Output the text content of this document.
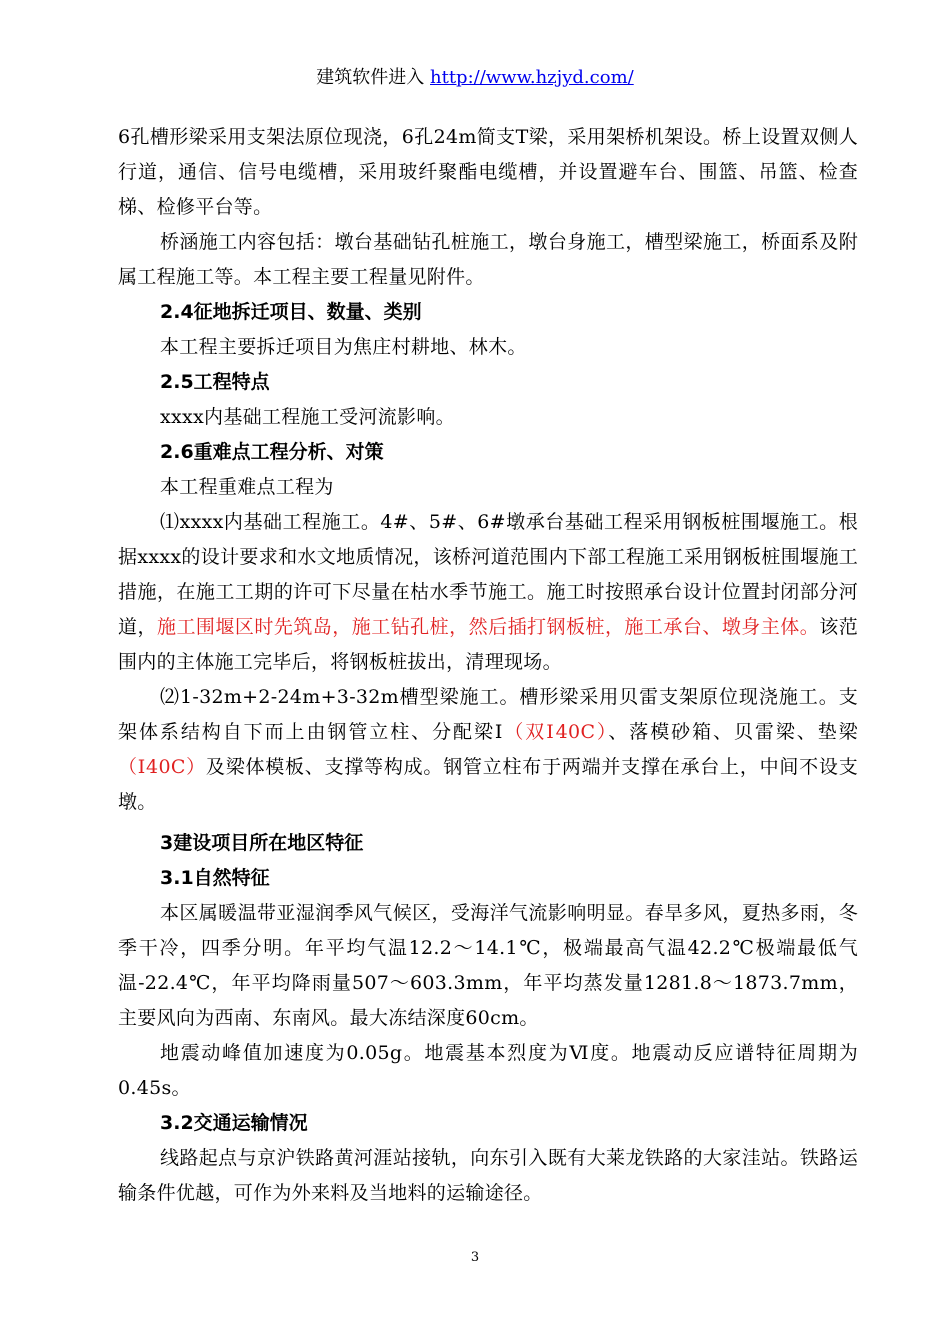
建筑软件进入 http://www.hzjyd.com/

6孔槽形梁采用支架法原位现浇，6孔24m简支T梁，采用架桥机架设。桥上设置双侧人行道，通信、信号电缆槽，采用玻纤聚酯电缆槽，并设置避车台、围篮、吊篮、检查梯、检修平台等。

桥涵施工内容包括：墩台基础钻孔桩施工，墩台身施工，槽型梁施工，桥面系及附属工程施工等。本工程主要工程量见附件。

2.4征地拆迁项目、数量、类别

本工程主要拆迁项目为焦庄村耕地、林木。

2.5工程特点

xxxx内基础工程施工受河流影响。

2.6重难点工程分析、对策

本工程重难点工程为

⑴xxxx内基础工程施工。4#、5#、6#墩承台基础工程采用钢板桩围堰施工。根据xxxx的设计要求和水文地质情况，该桥河道范围内下部工程施工采用钢板桩围堰施工措施，在施工工期的许可下尽量在枯水季节施工。施工时按照承台设计位置封闭部分河道，施工围堰区时先筑岛，施工钻孔桩，然后插打钢板桩，施工承台、墩身主体。该范围内的主体施工完毕后，将钢板桩拔出，清理现场。

⑵1-32m+2-24m+3-32m槽型梁施工。槽形梁采用贝雷支架原位现浇施工。支架体系结构自下而上由钢管立柱、分配梁Ⅰ（双Ⅰ40C）、落模砂箱、贝雷梁、垫梁（Ⅰ40C）及梁体模板、支撑等构成。钢管立柱布于两端并支撑在承台上，中间不设支墩。

3建设项目所在地区特征
3.1自然特征

本区属暖温带亚湿润季风气候区，受海洋气流影响明显。春旱多风，夏热多雨，冬季干冷，四季分明。年平均气温12.2～14.1℃，极端最高气温42.2℃极端最低气温-22.4℃，年平均降雨量507～603.3mm，年平均蒸发量1281.8～1873.7mm，主要风向为西南、东南风。最大冻结深度60cm。

地震动峰值加速度为0.05g。地震基本烈度为Ⅵ度。地震动反应谱特征周期为0.45s。

3.2交通运输情况

线路起点与京沪铁路黄河涯站接轨，向东引入既有大莱龙铁路的大家洼站。铁路运输条件优越，可作为外来料及当地料的运输途径。

3
